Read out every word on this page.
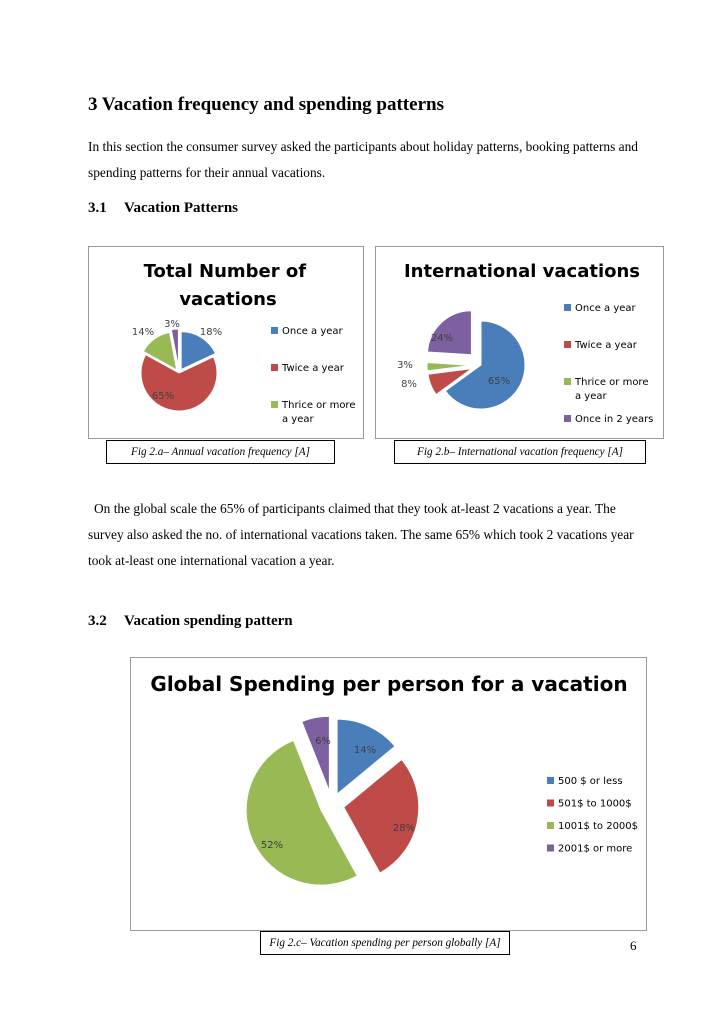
3 Vacation frequency and spending patterns
In this section the consumer survey asked the participants about holiday patterns, booking patterns and spending patterns for their annual vacations.
3.1 Vacation Patterns
Total Number of vacations
18%
65%
14%
3%
Once a year
Twice a year
Thrice or more
a year
International vacations
65%
8%
3%
24%
Once a year
Twice a year
Thrice or more
a year
Once in 2 years
Fig 2.a– Annual vacation frequency [A]	Fig 2.b– International vacation frequency [A]
On the global scale the 65% of participants claimed that they took at-least 2 vacations a year. The survey also asked the no. of international vacations taken. The same 65% which took 2 vacations year took at-least one international vacation a year.
3.2 Vacation spending pattern
Global Spending per person for a vacation
14%
28%
52%
6%
500 $ or less
501$ to 1000$
1001$ to 2000$
2001$ or more
Fig 2.c– Vacation spending per person globally [A]	6
